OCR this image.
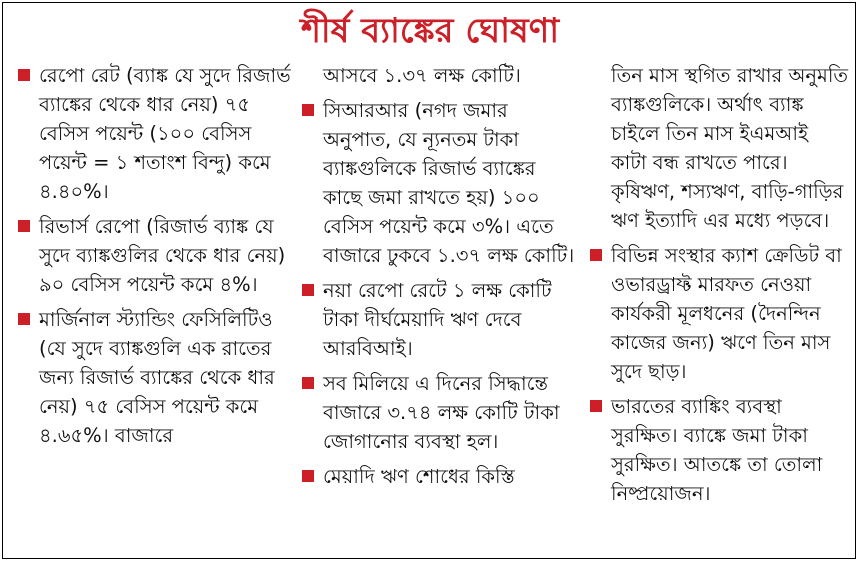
শীর্ষ ব্যাঙ্কের ঘোষণা
রেপো রেট (ব্যাঙ্ক যে সুদে রিজার্ভ ব্যাঙ্কের থেকে ধার নেয়) ৭৫ বেসিস পয়েন্ট (১০০ বেসিস পয়েন্ট = ১ শতাংশ বিন্দু) কমে ৪.৪০%।
রিভার্স রেপো (রিজার্ভ ব্যাঙ্ক যে সুদে ব্যাঙ্কগুলির থেকে ধার নেয়) ৯০ বেসিস পয়েন্ট কমে ৪%।
মার্জিনাল স্ট্যান্ডিং ফেসিলিটিও (যে সুদে ব্যাঙ্কগুলি এক রাতের জন্য রিজার্ভ ব্যাঙ্কের থেকে ধার নেয়) ৭৫ বেসিস পয়েন্ট কমে ৪.৬৫%। বাজারে
আসবে ১.৩৭ লক্ষ কোটি।
সিআরআর (নগদ জমার অনুপাত, যে ন্যূনতম টাকা ব্যাঙ্কগুলিকে রিজার্ভ ব্যাঙ্কের কাছে জমা রাখতে হয়) ১০০ বেসিস পয়েন্ট কমে ৩%। এতে বাজারে ঢুকবে ১.৩৭ লক্ষ কোটি।
নয়া রেপো রেটে ১ লক্ষ কোটি টাকা দীর্ঘমেয়াদি ঋণ দেবে আরবিআই।
সব মিলিয়ে এ দিনের সিদ্ধান্তে বাজারে ৩.৭৪ লক্ষ কোটি টাকা জোগানোর ব্যবস্থা হল।
মেয়াদি ঋণ শোধের কিস্তি
তিন মাস স্থগিত রাখার অনুমতি ব্যাঙ্কগুলিকে। অর্থাৎ ব্যাঙ্ক চাইলে তিন মাস ইএমআই কাটা বন্ধ রাখতে পারে। কৃষিঋণ, শস্যঋণ, বাড়ি-গাড়ির ঋণ ইত্যাদি এর মধ্যে পড়বে।
বিভিন্ন সংস্থার ক্যাশ ক্রেডিট বা ওভারড্রাফ্ট মারফত নেওয়া কার্যকরী মূলধনের (দৈনন্দিন কাজের জন্য) ঋণে তিন মাস সুদে ছাড়।
ভারতের ব্যাঙ্কিং ব্যবস্থা সুরক্ষিত। ব্যাঙ্কে জমা টাকা সুরক্ষিত। আতঙ্কে তা তোলা নিষ্প্রয়োজন।
